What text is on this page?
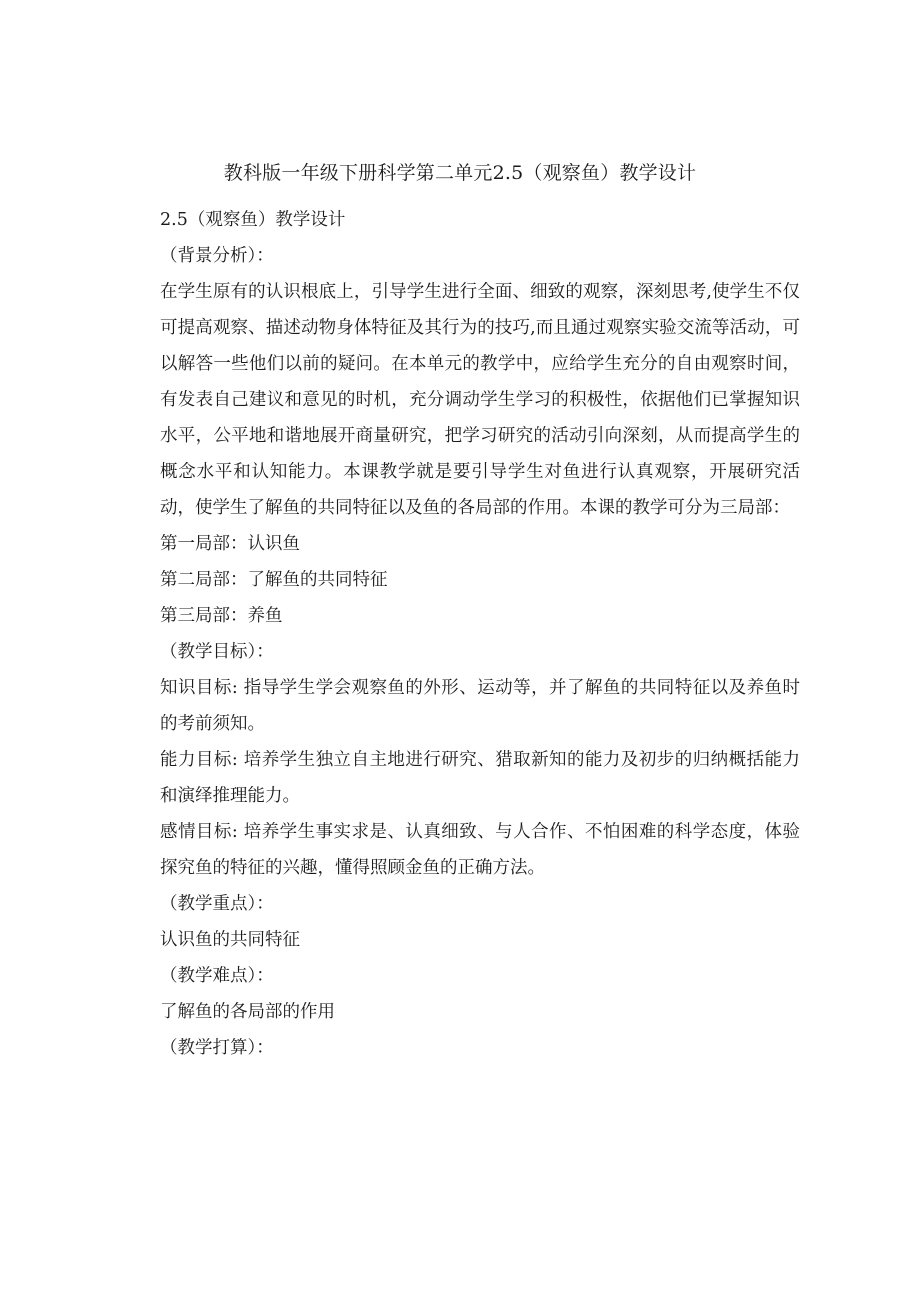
教科版一年级下册科学第二单元2.5（观察鱼）教学设计

2.5（观察鱼）教学设计

（背景分析）：

在学生原有的认识根底上，引导学生进行全面、细致的观察，深刻思考,使学生不仅可提高观察、描述动物身体特征及其行为的技巧,而且通过观察实验交流等活动，可以解答一些他们以前的疑问。在本单元的教学中，应给学生充分的自由观察时间，有发表自己建议和意见的时机，充分调动学生学习的积极性，依据他们已掌握知识水平，公平地和谐地展开商量研究，把学习研究的活动引向深刻，从而提高学生的概念水平和认知能力。本课教学就是要引导学生对鱼进行认真观察，开展研究活动，使学生了解鱼的共同特征以及鱼的各局部的作用。本课的教学可分为三局部：

第一局部：认识鱼

第二局部：了解鱼的共同特征

第三局部：养鱼

（教学目标）：

知识目标: 指导学生学会观察鱼的外形、运动等，并了解鱼的共同特征以及养鱼时的考前须知。

能力目标: 培养学生独立自主地进行研究、猎取新知的能力及初步的归纳概括能力和演绎推理能力。

感情目标: 培养学生事实求是、认真细致、与人合作、不怕困难的科学态度，体验探究鱼的特征的兴趣，懂得照顾金鱼的正确方法。

（教学重点）：

认识鱼的共同特征

（教学难点）：

了解鱼的各局部的作用

（教学打算）：
